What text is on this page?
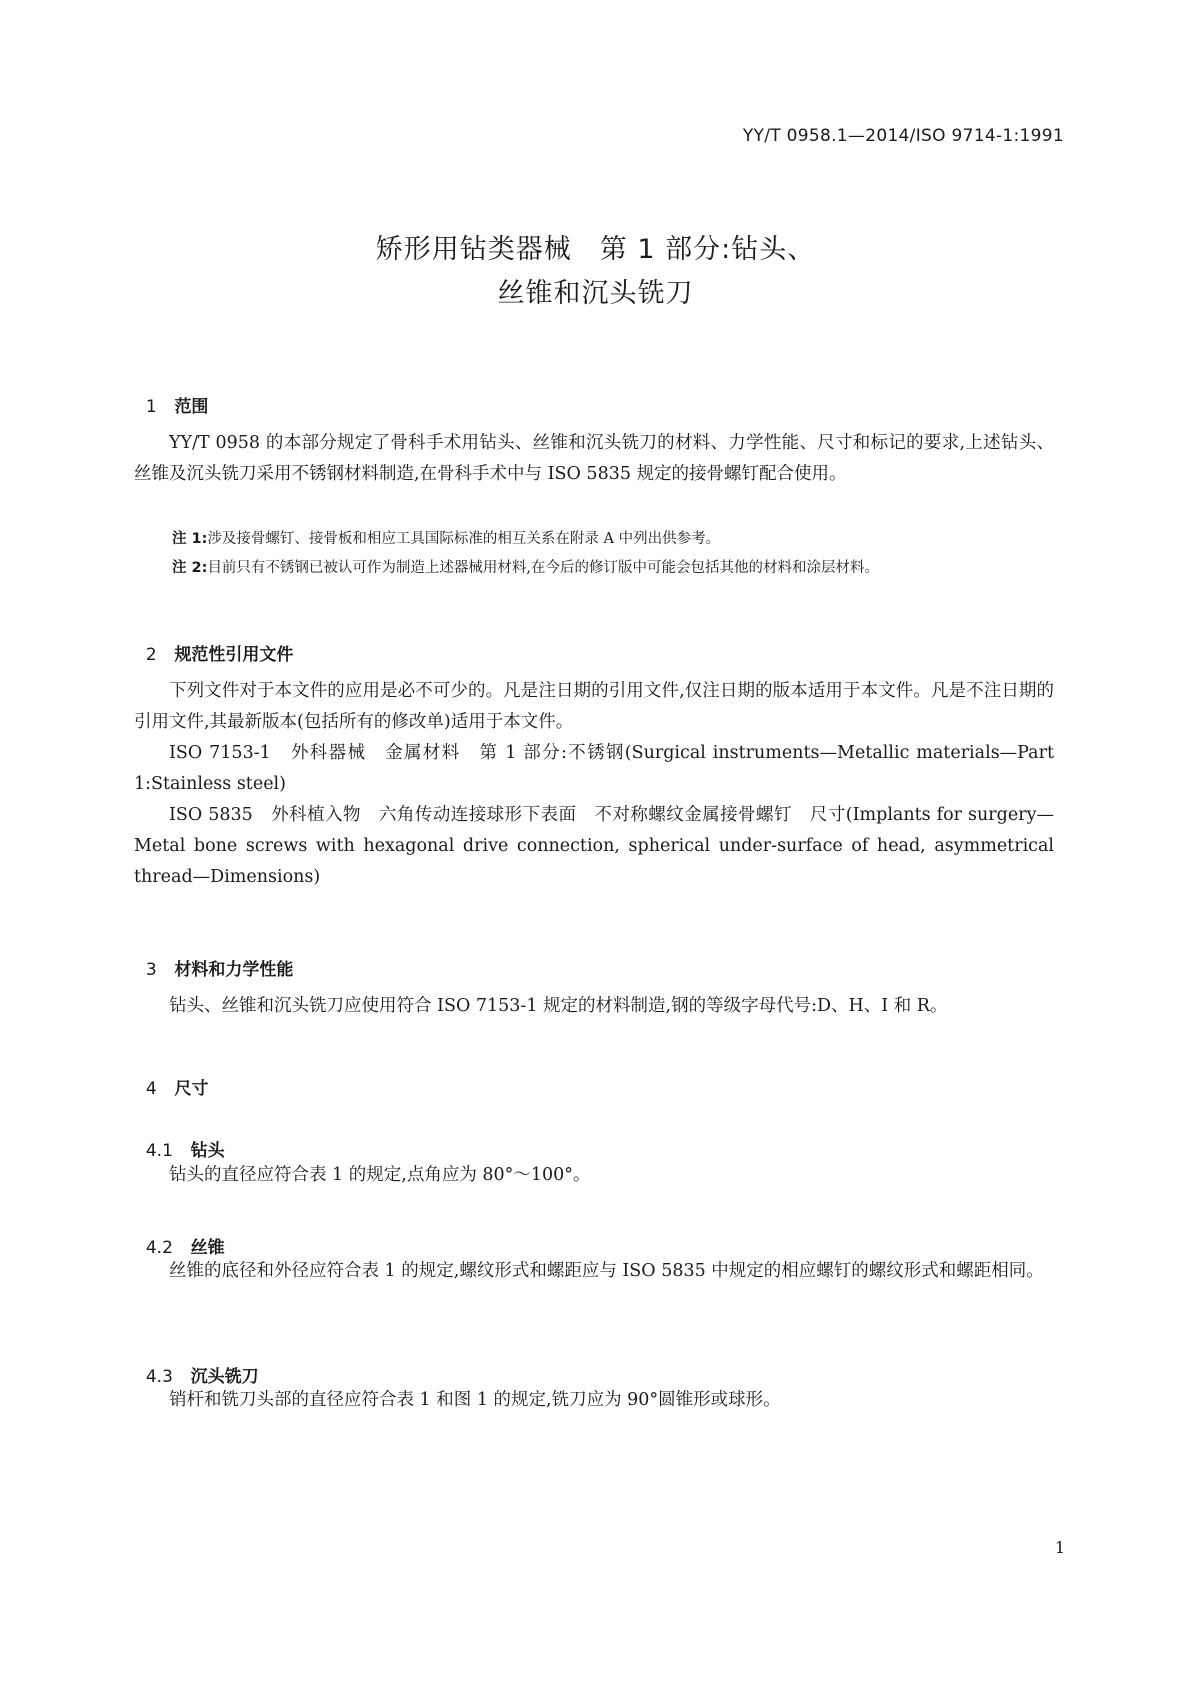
YY/T 0958.1—2014/ISO 9714-1:1991
矫形用钻类器械　第 1 部分:钻头、
丝锥和沉头铣刀

1 范围

YY/T 0958 的本部分规定了骨科手术用钻头、丝锥和沉头铣刀的材料、力学性能、尺寸和标记的要求,上述钻头、丝锥及沉头铣刀采用不锈钢材料制造,在骨科手术中与 ISO 5835 规定的接骨螺钉配合使用。
注 1:涉及接骨螺钉、接骨板和相应工具国际标准的相互关系在附录 A 中列出供参考。
注 2:目前只有不锈钢已被认可作为制造上述器械用材料,在今后的修订版中可能会包括其他的材料和涂层材料。

2 规范性引用文件

下列文件对于本文件的应用是必不可少的。凡是注日期的引用文件,仅注日期的版本适用于本文件。凡是不注日期的引用文件,其最新版本(包括所有的修改单)适用于本文件。
ISO 7153-1　外科器械　金属材料　第 1 部分:不锈钢(Surgical instruments—Metallic materials—Part 1:Stainless steel)
ISO 5835　外科植入物　六角传动连接球形下表面　不对称螺纹金属接骨螺钉　尺寸(Implants for surgery—Metal bone screws with hexagonal drive connection, spherical under-surface of head, asymmetrical thread—Dimensions)

3 材料和力学性能

钻头、丝锥和沉头铣刀应使用符合 ISO 7153-1 规定的材料制造,钢的等级字母代号:D、H、I 和 R。

4 尺寸

4.1 钻头

钻头的直径应符合表 1 的规定,点角应为 80°～100°。

4.2 丝锥

丝锥的底径和外径应符合表 1 的规定,螺纹形式和螺距应与 ISO 5835 中规定的相应螺钉的螺纹形式和螺距相同。

4.3 沉头铣刀

销杆和铣刀头部的直径应符合表 1 和图 1 的规定,铣刀应为 90°圆锥形或球形。
1
